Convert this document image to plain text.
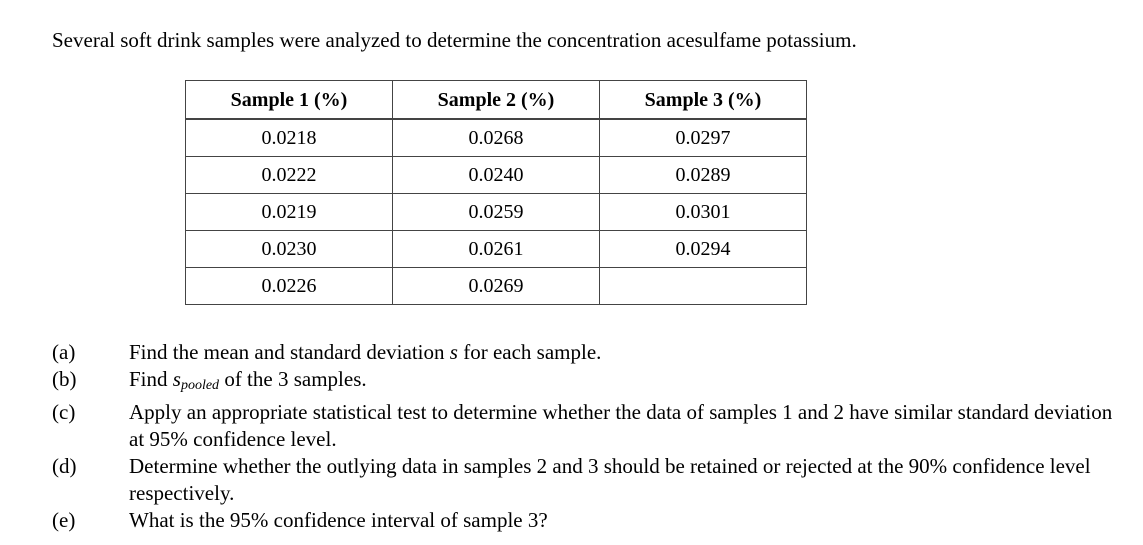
Several soft drink samples were analyzed to determine the concentration acesulfame potassium.
Sample 1 (%)	Sample 2 (%)	Sample 3 (%)
0.0218	0.0268	0.0297
0.0222	0.0240	0.0289
0.0219	0.0259	0.0301
0.0230	0.0261	0.0294
0.0226	0.0269	
(a)	Find the mean and standard deviation s for each sample.
(b)	Find spooled of the 3 samples.
(c)	Apply an appropriate statistical test to determine whether the data of samples 1 and 2 have similar standard deviation at 95% confidence level.
(d)	Determine whether the outlying data in samples 2 and 3 should be retained or rejected at the 90% confidence level respectively.
(e)	What is the 95% confidence interval of sample 3?
